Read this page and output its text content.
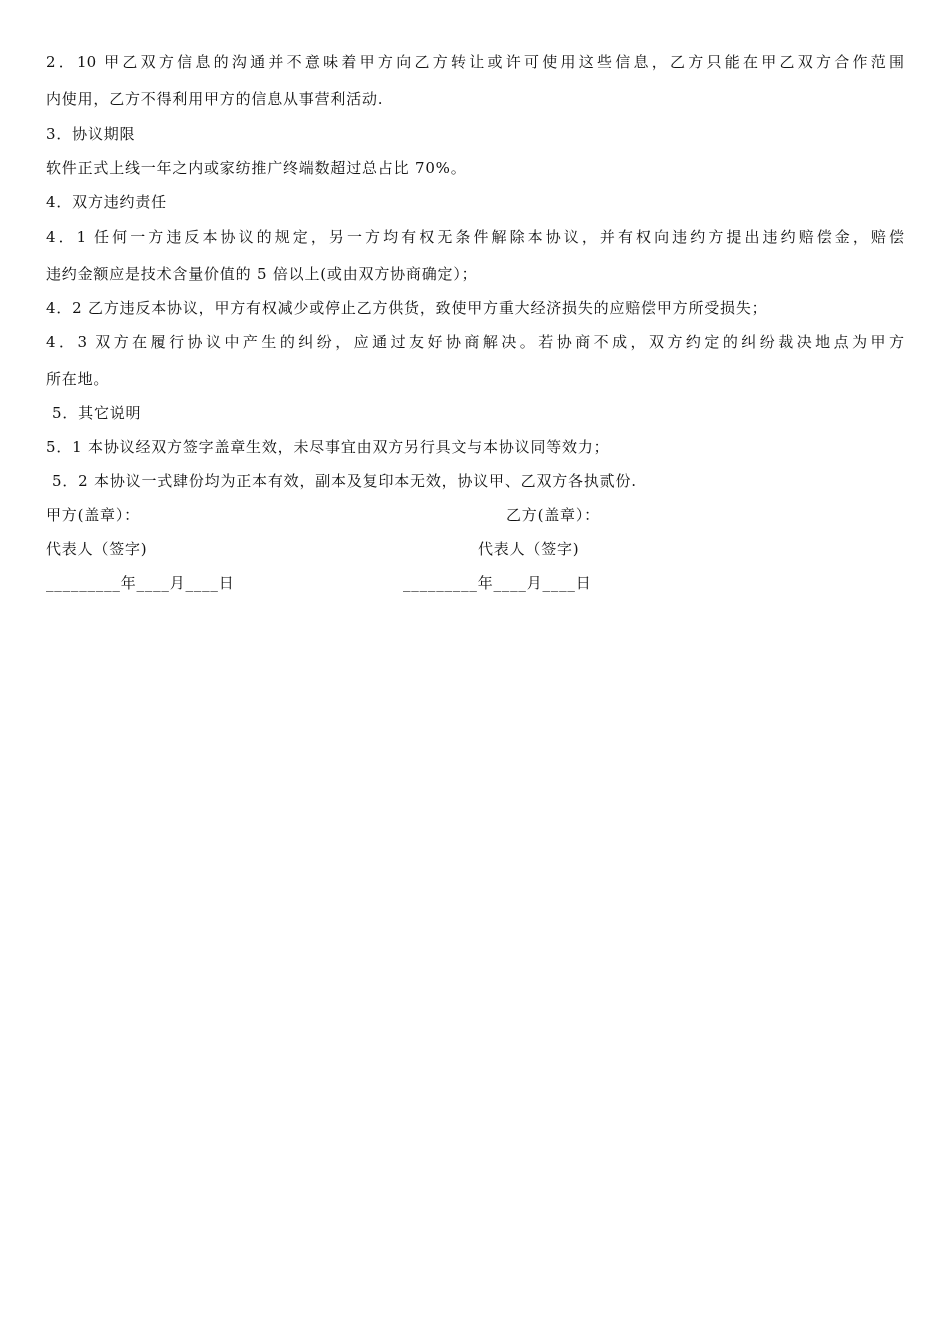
2．10 甲乙双方信息的沟通并不意味着甲方向乙方转让或许可使用这些信息，乙方只能在甲乙双方合作范围
内使用，乙方不得利用甲方的信息从事营利活动.
3．协议期限
软件正式上线一年之内或家纺推广终端数超过总占比 70%。
4．双方违约责任
4．1 任何一方违反本协议的规定，另一方均有权无条件解除本协议，并有权向违约方提出违约赔偿金，赔偿
违约金额应是技术含量价值的 5 倍以上(或由双方协商确定）；
4．2 乙方违反本协议，甲方有权减少或停止乙方供货，致使甲方重大经济损失的应赔偿甲方所受损失；
4．3 双方在履行协议中产生的纠纷，应通过友好协商解决。若协商不成，双方约定的纠纷裁决地点为甲方
所在地。
5．其它说明
5．1 本协议经双方签字盖章生效，未尽事宜由双方另行具文与本协议同等效力；
5．2 本协议一式肆份均为正本有效，副本及复印本无效，协议甲、乙双方各执贰份.
甲方(盖章）：	乙方(盖章）：
代表人（签字)	代表人（签字)
_________年____月____日	_________年____月____日
